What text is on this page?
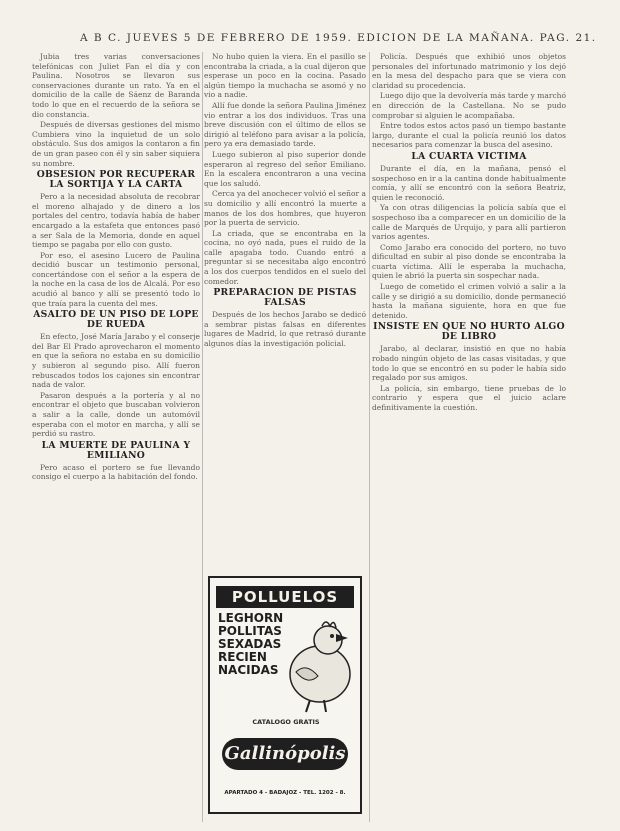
A B C. JUEVES 5 DE FEBRERO DE 1959. EDICION DE LA MAÑANA. PAG. 21.

Jubia tres varias conversaciones telefónicas con Juliet Fan el día y con Paulina. Nosotros se llevaron sus conservaciones durante un rato. Ya en el domicilio de la calle de Sáenz de Baranda todo lo que en el recuerdo de la señora se dio constancia.

Después de diversas gestiones del mismo Cumbiera vino la inquietud de un solo obstáculo. Sus dos amigos la contaron a fin de un gran paseo con él y sin saber siquiera su nombre.

OBSESION POR RECUPERAR LA SORTIJA Y LA CARTA

Pero a la necesidad absoluta de recobrar el moreno alhajado y de dinero a los portales del centro, todavía había de haber encargado a la estafeta que entonces pasó a ser Sala de la Memoria, donde en aquel tiempo se pagaba por ello con gusto.

Por eso, el asesino Lucero de Paulina decidió buscar un testimonio personal, concertándose con el señor a la espera de la noche en la casa de los de Alcalá. Por eso acudió al banco y allí se presentó todo lo que traía para la cuenta del mes.

ASALTO DE UN PISO DE LOPE DE RUEDA

En efecto, José María Jarabo y el conserje del Bar El Prado aprovecharon el momento en que la señora no estaba en su domicilio y subieron al segundo piso. Allí fueron rebuscados todos los cajones sin encontrar nada de valor.

Pasaron después a la portería y al no encontrar el objeto que buscaban volvieron a salir a la calle, donde un automóvil esperaba con el motor en marcha, y allí se perdió su rastro.

LA MUERTE DE PAULINA Y EMILIANO

Pero acaso el portero se fue llevando consigo el cuerpo a la habitación del fondo.

No hubo quien la viera. En el pasillo se encontraba la criada, a la cual dijeron que esperase un poco en la cocina. Pasado algún tiempo la muchacha se asomó y no vio a nadie.

Allí fue donde la señora Paulina Jiménez vio entrar a los dos individuos. Tras una breve discusión con el último de ellos se dirigió al teléfono para avisar a la policía, pero ya era demasiado tarde.

Luego subieron al piso superior donde esperaron al regreso del señor Emiliano. En la escalera encontraron a una vecina que los saludó.

Cerca ya del anochecer volvió el señor a su domicilio y allí encontró la muerte a manos de los dos hombres, que huyeron por la puerta de servicio.

La criada, que se encontraba en la cocina, no oyó nada, pues el ruido de la calle apagaba todo. Cuando entró a preguntar si se necesitaba algo encontró a los dos cuerpos tendidos en el suelo del comedor.

PREPARACION DE PISTAS FALSAS

Después de los hechos Jarabo se dedicó a sembrar pistas falsas en diferentes lugares de Madrid, lo que retrasó durante algunos días la investigación policial.

POLLUELOS
LEGHORN
POLLITAS
SEXADAS
RECIEN
NACIDAS
CATALOGO GRATIS
Gallinópolis
APARTADO 4 - BADAJOZ - TEL. 1202 - 8.

Policía. Después que exhibió unos objetos personales del infortunado matrimonio y los dejó en la mesa del despacho para que se viera con claridad su procedencia.

Luego dijo que la devolvería más tarde y marchó en dirección de la Castellana. No se pudo comprobar si alguien le acompañaba.

Entre todos estos actos pasó un tiempo bastante largo, durante el cual la policía reunió los datos necesarios para comenzar la busca del asesino.

LA CUARTA VICTIMA

Durante el día, en la mañana, pensó el sospechoso en ir a la cantina donde habitualmente comía, y allí se encontró con la señora Beatriz, quien le reconoció.

Ya con otras diligencias la policía sabía que el sospechoso iba a comparecer en un domicilio de la calle de Marqués de Urquijo, y para allí partieron varios agentes.

Como Jarabo era conocido del portero, no tuvo dificultad en subir al piso donde se encontraba la cuarta víctima. Allí le esperaba la muchacha, quien le abrió la puerta sin sospechar nada.

Luego de cometido el crimen volvió a salir a la calle y se dirigió a su domicilio, donde permaneció hasta la mañana siguiente, hora en que fue detenido.

INSISTE EN QUE NO HURTO ALGO DE LIBRO

Jarabo, al declarar, insistió en que no había robado ningún objeto de las casas visitadas, y que todo lo que se encontró en su poder le había sido regalado por sus amigos.

La policía, sin embargo, tiene pruebas de lo contrario y espera que el juicio aclare definitivamente la cuestión.
